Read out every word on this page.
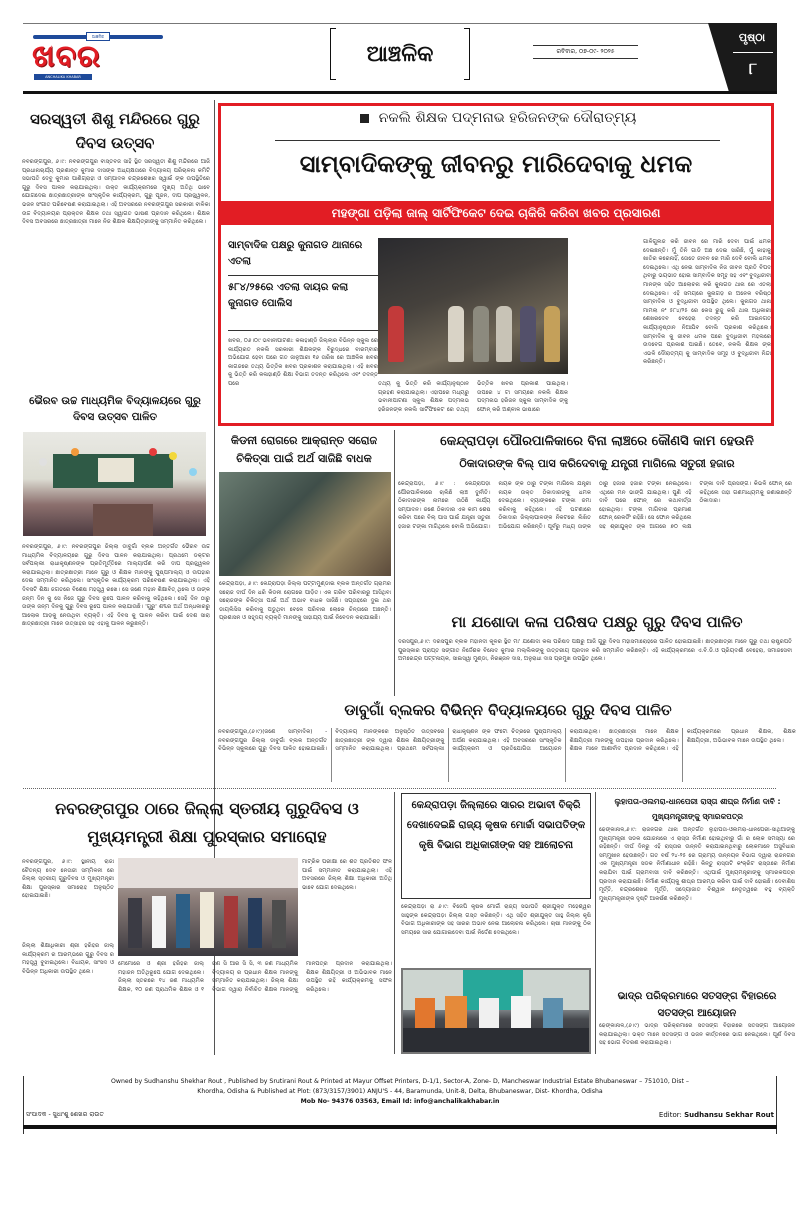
ଆଞ୍ଚଳିକ
ଖବର
ANCHALIKA KHABAR
ଆଞ୍ଚଳିକ	ରବିବାର, ୦୭-୦୯- ୨୦୨୫
ପୃଷ୍ଠା
୮
ସରସ୍ୱତୀ ଶିଶୁ ମନ୍ଦିରରେ ଗୁରୁ ଦିବସ ଉତ୍ସବ
ନବରଙ୍ଗପୁର, ୬।୯: ନବରଙ୍ଗପୁର ବାସ୍ତବଜ ସାହି ସ୍ଥିତ ସରସ୍ୱତୀ ଶିଶୁ ମନ୍ଦିରରେ ଆଜି ପ୍ରଧାନାଚାର୍ଯ୍ୟ ପ୍ରଶାନ୍ତ କୁମାର ଦାସଙ୍କ ଅଧ୍ୟକ୍ଷତାରେ ବିଦ୍ୟାଳୟ ପରିଚାଳନା କମିଟି ସଭାପତି ଦେବୁ କୁମାର ପାଣିଗ୍ରାହୀ ଓ ସମ୍ପାଦକ ଚନ୍ଦ୍ରଶେଖର ସ୍ୱାଇଁ ଙ୍କ ଉପସ୍ଥିତିରେ ଗୁରୁ ଦିବସ ପାଳନ କରାଯାଇଥିଲା। ଉକ୍ତ କାର୍ଯ୍ୟକ୍ରମରେ ମୁଖ୍ୟ ଅତିଥି ଭାବେ ଯୋଗଦେଇ ଛାତ୍ରଛାତ୍ରୀଙ୍କ ସାଂସ୍କୃତିକ କାର୍ଯ୍ୟକ୍ରମ, ଗୁରୁ ପୂଜନ, ଦୀପ ପ୍ରଜ୍ଜ୍ୱଳନ, ଭଜନ ସଂଗୀତ ପରିବେଷଣ କରାଯାଇଥିଲା। ଏହି ଅବସରରେ ନବରଙ୍ଗପୁର ସରକାରୀ ବାଳିକା ଉଚ୍ଚ ବିଦ୍ୟାଳୟର ପ୍ରାକ୍ତନ ଶିକ୍ଷକ ତଥା ସ୍ୱାଗତ ଭାଷଣ ପ୍ରଦାନ କରିଥିଲେ। ଶିକ୍ଷକ ଦିବସ ଅବସରରେ ଛାତ୍ରଛାତ୍ରୀ ମାନେ ନିଜ ଶିକ୍ଷକ ଶିକ୍ଷୟିତ୍ରୀଙ୍କୁ ସମ୍ମାନିତ କରିଥିଲେ।
ଭୈରବ ଉଚ୍ଚ ମାଧ୍ୟମିକ ବିଦ୍ୟାଳୟରେ ଗୁରୁ ଦିବସ ଉତ୍ସବ ପାଳିତ
ନବରଙ୍ଗପୁର, ୬।୯: ନବରଙ୍ଗପୁର ଜିଲ୍ଲା ଡାବୁଗାଁ ବ୍ଲକ ଅନ୍ତର୍ଗତ ଭୈରବ ଉଚ୍ଚ ମାଧ୍ୟମିକ ବିଦ୍ୟାଳୟରେ ଗୁରୁ ଦିବସ ପାଳନ କରାଯାଇଥିଲା। ପ୍ରଥମେ ଡକ୍ଟର ସର୍ବପଲ୍ଲୀ ରାଧାକୃଷ୍ଣନଙ୍କ ପ୍ରତିମୂର୍ତ୍ତିରେ ମାଲ୍ୟାର୍ପଣ କରି ଦୀପ ପ୍ରଜ୍ଜ୍ୱଳନ କରାଯାଇଥିଲା। ଛାତ୍ରଛାତ୍ରୀ ମାନେ ଗୁରୁ ଓ ଶିକ୍ଷକ ମାନଙ୍କୁ ପୁଷ୍ପମାଲ୍ୟ ଓ ଉପହାର ଦେଇ ସମ୍ମାନିତ କରିଥିଲେ। ସାଂସ୍କୃତିକ କାର୍ଯ୍ୟକ୍ରମ ପରିବେଷଣ କରାଯାଇଥିଲା। ଏହି ଦିବସଟି ଶିକ୍ଷା ଜଗତରେ ବିଶେଷ ମହତ୍ତ୍ୱ ରଖେ। ସେ ଜଣେ ମହାନ ଶିକ୍ଷାବିତ୍ ଥିଲେ ଓ ତାଙ୍କ ଜନ୍ମ ଦିନ କୁ ସେ ନିଜେ ଗୁରୁ ଦିବସ ରୂପେ ପାଳନ କରିବାକୁ କହିଥିଲେ। ସେହି ଦିନ ଠାରୁ ତାଙ୍କ ଜନ୍ମ ଦିନକୁ ଗୁରୁ ଦିବସ ରୂପେ ପାଳନ କରାଯାଉଛି। 'ଗୁରୁ' ଶବ୍ଦର ଅର୍ଥ ଅନ୍ଧକାରରୁ ଆଲୋକ ଆଡ଼କୁ ନେଉଥିବା ବ୍ୟକ୍ତି। ଏହି ଦିବସ କୁ ପାଳନ କରିବା ପାଇଁ ଦେଶ ସାରା ଛାତ୍ରଛାତ୍ରୀ ମାନେ ଉତ୍ସାହର ସହ ଏହାକୁ ପାଳନ କରୁଛନ୍ତି।
ନକଲି ଶିକ୍ଷକ ପଦ୍ମନାଭ ହରିଜନଙ୍କ ଦୌରାତ୍ମ୍ୟ
ସାମ୍ବାଦିକଙ୍କୁ ଜୀବନରୁ ମାରିଦେବାକୁ ଧମକ
ମହଙ୍ଗା ପଡ଼ିଲା ଜାଲ୍ ସାର୍ଟିଫିକେଟ ଦେଇ ଚାକିରି କରିବା ଖବର ପ୍ରସାରଣ
ସାମ୍ବାଦିକ ପକ୍ଷରୁ କୁନାଗଡ ଥାନାରେ ଏତଲା
୫୮୪/୨୫ରେ ଏତଲା ଦାୟର କଲା କୁନାଗଡ ପୋଲିସ
ଖବର, ୦୬।୦୯ ଭବାନୀପାଟଣା: କଳାହାଣ୍ଡି ଜିଲ୍ଲାର ବିଭିନ୍ନ ସ୍କୁଲ ରେ କାର୍ଯ୍ୟରତ ନକଲି ସରକାରୀ ଶିକ୍ଷକଙ୍କ ବିରୁଦ୍ଧରେ ବାରମ୍ବାର ଅଭିଯୋଗ ହେବା ପରେ ଗତ ଜାନୁଆରୀ ୧୬ ତାରିଖ ରେ ଆଞ୍ଚଳିକ ଖବର କାଗଜରେ ତଥ୍ୟ ଭିତ୍ତିକ ଖବର ପ୍ରକାଶନ କରାଯାଇଥିଲା। ଏହି ଖବର କୁ ଭିତ୍ତି କରି କଳାହାଣ୍ଡି ଶିକ୍ଷା ବିଭାଗ ତଦନ୍ତ କରିଥିଲେ ଏବଂ ତଦନ୍ତ ପରେ	ତଥ୍ୟ କୁ ଭିତ୍ତି କରି କାର୍ଯ୍ୟାନୁଷ୍ଠାନ ଗ୍ରହଣ କରାଯାଇଥିଲା। ଏହାପରେ ମଧ୍ୟରୁ ଭବାନୀପାଟଣା ସ୍କୁଲ ଶିକ୍ଷକ ପଦ୍ମନାଭ ହରିଜନଙ୍କ ନକଲି ସାର୍ଟିଫିକେଟ ରେ ତଥ୍ୟ ଭିତ୍ତିକ ଖବର ପ୍ରକାଶ ପାଇଥିଲା। ତାପରେ ୪ ଟା ସମୟରେ ନକଲି ଶିକ୍ଷକ ପଦ୍ମନାଭ ହରିଜନ ସ୍କୁଲ ସାମ୍ବାଦିକ ଙ୍କୁ ଫୋନ୍ କରି ଅଶ୍ଳୀଳ ଭାଷାରେ
ଗାଳିଗୁଲଜ କରି ଜୀବନ ରେ ମାରି ଦେବା ପାଇଁ ଧମକ ଦେଇଛନ୍ତି। ମୁଁ ତିନି ଗାଡି ଅଛ ଦେଇ ସାରିଛି, ମୁଁ କାହାକୁ ଖାତିର କରେନାହିଁ, ତୋତେ ଜୀବନ ରେ ମାରି ଦେବି ବୋଲି ଧମକ ଦେଇଥିଲେ। ଏଥି ନେଇ ସାମ୍ବାଦିକ ନିଜ ଜୀବନ ପ୍ରତି ବିପଦ ଥିବାରୁ ଭୟଭୀତ ହୋଇ ସାମ୍ବାଦିକ ସମୂହ ସହ ଏବଂ ବୁଦ୍ଧିଜୀବୀ ମାନଙ୍କ ସହିତ ଆଲୋଚନା କରି କୁନାଗଡ ଥାନା ରେ ଏତଲା ଦେଇଥିଲେ। ଏହି ସମୟରେ କୁନାଗଡ଼ ର ଅନେକ ବରିଷ୍ଠ ସାମ୍ବାଦିକ ଓ ବୁଦ୍ଧିଜୀବୀ ଉପସ୍ଥିତ ଥିଲେ। କୁନାଗଡ ଥାନା ମାମଲା ନଂ ୫୮୪/୨୫ ରେ କେସ ରୁଜୁ କରି ଥାନା ଅଧିକାରୀ ଶେଖରଦେବ ବେହେରା ତଦନ୍ତ କରି ଆଇନଗତ କାର୍ଯ୍ୟାନୁଷ୍ଠାନ ନିଆଯିବ ବୋଲି ପ୍ରକାଶ କରିଥିଲେ। ସାମ୍ବାଦିକ କୁ ଜୀବନ ଧମକ ପରେ ବୁଦ୍ଧିଜୀବୀ ମହଲରେ ଉଦବେଗ ପ୍ରକାଶ ପାଇଛି। ତେବେ, ନକଲି ଶିକ୍ଷକ ଙ୍କ ଏଭଳି ଦୌରାତ୍ମ୍ୟ କୁ ସାମ୍ବାଦିକ ସମୂହ ଓ ବୁଦ୍ଧିଜୀବୀ ନିନ୍ଦା କରିଛନ୍ତି।
କିଡନୀ ରୋଗରେ ଆକ୍ରାନ୍ତ ସରୋଜ ଚିକିତ୍ସା ପାଇଁ ଅର୍ଥ ସାଜିଛି ବାଧକ
କେନ୍ଦ୍ରାପଡ଼ା, ୬।୯: କେନ୍ଦ୍ରାପଡ଼ା ଜିଲ୍ଲା ପଟ୍ଟାମୁଣ୍ଡାଇ ବ୍ଲକ ଅନ୍ତର୍ଗତ ଗ୍ରାମର ସରୋଜ ଦୀର୍ଘ ଦିନ ଧରି କିଡନୀ ରୋଗରେ ପୀଡ଼ିତ। ଏକ ଗରିବ ପରିବାରରୁ ଆସିଥିବା ସରୋଜଙ୍କ ଚିକିତ୍ସା ପାଇଁ ଅର୍ଥ ଅଭାବ ବାଧକ ସାଜିଛି। ସପ୍ତାହରେ ଦୁଇ ଥର ଡାୟଲିସିସ କରିବାକୁ ପଡୁଥିବା ବେଳେ ପରିବାର ଲୋକେ ଚିନ୍ତାରେ ଅଛନ୍ତି। ପ୍ରଶାସନ ଓ ସହୃଦୟ ବ୍ୟକ୍ତି ମାନଙ୍କୁ ସାହାଯ୍ୟ ପାଇଁ ନିବେଦନ କରାଯାଇଛି।
କେନ୍ଦ୍ରାପଡ଼ା ପୌରପାଳିକାରେ ବିନା ଲାଞ୍ଚରେ କୌଣସି କାମ ହେଉନି
ଠିକାଦାରଙ୍କ ବିଲ୍ ପାସ କରିଦେବାକୁ ଯନ୍ତ୍ରୀ ମାଗିଲେ ସତୁରୀ ହଜାର
କେନ୍ଦ୍ରାପଡ଼ା, ୬।୯ : କେନ୍ଦ୍ରାପଡ଼ା ପୌରପାଳିକାରେ ଚାଲିଛି ଲାଞ୍ଚ ଦୁର୍ନୀତି। ଠିକାଦାରଙ୍କ ନାମରେ ଉଠିଛି କାର୍ଯ୍ୟ ସମ୍ପାଦନ। ଜଣେ ଠିକାଦାର ଏକ କାମ ଶେଷ କରିବା ପରେ ବିଲ୍ ପାସ ପାଇଁ ଯନ୍ତ୍ରୀ ସତୁରୀ ହଜାର ଟଙ୍କା ମାଗିଥିଲେ ବୋଲି ଅଭିଯୋଗ। ନାୟକ ଙ୍କ ଠାରୁ ଟଙ୍କା ମାଗିଲେ ଯନ୍ତ୍ରୀ ନାୟକ ଉକ୍ତ ଠିକାଦାରଙ୍କୁ ଧମକ ଦେଇଥିଲେ। ବ୍ୟାଙ୍କରେ ଟଙ୍କା ଜମା କରିବାକୁ କହିଥିଲେ। ଏହି ଘଟଣାରେ ଠିକାଦାର ଜିଲ୍ଲାପାଳଙ୍କ ନିକଟରେ ଲିଖିତ ଅଭିଯୋଗ କରିଛନ୍ତି। ପୂର୍ବରୁ ମଧ୍ୟ ତାଙ୍କ ଠାରୁ ହଜାର ହଜାର ଟଙ୍କା ନେଇଥିଲେ। ଏଥିରେ ମନ ଭାଙ୍ଗି ଯାଇଥିଲା। ପୁଣି ଏହି ଦାବି ପରେ ଫୋନ୍ ରେ କଥାବାର୍ତ୍ତା ହୋଇଥିଲା। ଟଙ୍କା ମାଗିବାର ପ୍ରମାଣ ଫୋନ୍ ରେକର୍ଡିଂ ରହିଛି। ସେ ଫୋନ କରିଥିଲେ ସହ ଶ୍ରୀଯୁକ୍ତ ଙ୍କ ଆଗରେ ୭୦ ଲକ୍ଷ ଟଙ୍କା ଦାବି ପ୍ରସଙ୍ଗ। କିଭଳି ଫୋନ୍ ରେ କହିଥିଲେ ତାହା ଗଣମାଧ୍ୟମକୁ ଜଣାଇଛନ୍ତି ଠିକାଦାର।
ମା ଯଶୋଦା କଳା ପରିଷଦ ପକ୍ଷରୁ ଗୁରୁ ଦିବସ ପାଳିତ
ଦରସପୁର,୬।୯: ଦରସପୁର ବ୍ଲକ ମହାନଦୀ କୂଳର ସ୍ଥିତ ମା' ଯଶୋଦା କଳା ପରିଷଦ ପକ୍ଷରୁ ଆଜି ଗୁରୁ ଦିବସ ମହାସମାରୋହରେ ପାଳିତ ହୋଇଯାଇଛି। ଛାତ୍ରଛାତ୍ରୀ ମାନେ ଗୁରୁ ତଥା ରାଷ୍ଟ୍ରପତି ପୁରସ୍କାର ପ୍ରାପ୍ତ ସଙ୍ଗୀତ ନିର୍ଦ୍ଦେଶକ ବିନୋଦ କୁମାର ମଲ୍ଲିକଙ୍କୁ ଉତ୍ତରୀୟ ପ୍ରଦାନ କରି ସମ୍ମାନିତ କରିଛନ୍ତି। ଏହି କାର୍ଯ୍ୟକ୍ରମରେ ଏ.ବି.ଡି.ଓ ପ୍ରିୟଦର୍ଶୀ ବେହେରା, ସମାଜସେବୀ ଅମରେନ୍ଦ୍ର ପଟ୍ଟନାୟକ, ସାଇସ୍ୱା ମୁଣ୍ଡା, ନିରଞ୍ଜନ ଦାସ, ଅନୁରାଧା ଦାସ ପ୍ରମୁଖ ଉପସ୍ଥିତ ଥିଲେ।
ଡାବୁଗାଁ ବ୍ଲକର ବିଭିନ୍ନ ବିଦ୍ୟାଳୟରେ ଗୁରୁ ଦିବସ ପାଳିତ
ନବରଙ୍ଗପୁର,(୬।୯)(ଜଣେ ସାମ୍ବାଦିକ) - ନବରଙ୍ଗପୁର ଜିଲ୍ଲା ଡାବୁଗାଁ ବ୍ଲକ ଅନ୍ତର୍ଗତ ବିଭିନ୍ନ ସ୍କୁଲରେ ଗୁରୁ ଦିବସ ପାଳିତ ହୋଇଯାଇଛି। ବିଦ୍ୟାଳୟ ମାନଙ୍କରେ ଅନୁଷ୍ଠିତ ଉତ୍ସବରେ ଛାତ୍ରଛାତ୍ରୀ ଙ୍କ ଦ୍ୱାରା ଶିକ୍ଷକ ଶିକ୍ଷୟିତ୍ରୀଙ୍କୁ ସମ୍ମାନିତ କରାଯାଇଥିଲା। ପ୍ରଥମେ ସର୍ବପଲ୍ଲୀ ରାଧାକୃଷ୍ଣନ ଙ୍କ ଫଟୋ ଚିତ୍ରରେ ପୁଷ୍ପମାଲ୍ୟ ଅର୍ପଣ କରାଯାଇଥିଲା। ଏହି ଅବସରରେ ସାଂସ୍କୃତିକ କାର୍ଯ୍ୟକ୍ରମ ଓ ପ୍ରତିଯୋଗିତା ଆୟୋଜନ କରାଯାଇଥିଲା। ଛାତ୍ରଛାତ୍ରୀ ମାନେ ଶିକ୍ଷକ ଶିକ୍ଷୟିତ୍ରୀ ମାନଙ୍କୁ ଉପହାର ପ୍ରଦାନ କରିଥିଲେ। ଶିକ୍ଷକ ମାନେ ଆଶୀର୍ବାଦ ପ୍ରଦାନ କରିଥିଲେ। ଏହି କାର୍ଯ୍ୟକ୍ରମରେ ପ୍ରଧାନ ଶିକ୍ଷକ, ଶିକ୍ଷକ ଶିକ୍ଷୟିତ୍ରୀ, ଅଭିଭାବକ ମାନେ ଉପସ୍ଥିତ ଥିଲେ।
ନବରଙ୍ଗପୁର ଠାରେ ଜିଲ୍ଲା ସ୍ତରୀୟ ଗୁରୁଦିବସ ଓ ମୁଖ୍ୟମନ୍ତ୍ରୀ ଶିକ୍ଷା ପୁରସ୍କାର ସମାରୋହ
ନବରଙ୍ଗପୁର, ୬।୯: ସ୍ଥାନୀୟ ରାଜା ଚୈତନ୍ୟ ଦେବ ନେତାଜୀ ସମ୍ମିଳନୀ ରେ ଜିଲ୍ଲା ସ୍ତରୀୟ ଗୁରୁଦିବସ ଓ ମୁଖ୍ୟମନ୍ତ୍ରୀ ଶିକ୍ଷା ପୁରସ୍କାର ସମାରୋହ ଅନୁଷ୍ଠିତ ହୋଇଯାଇଛି।
ମାଟ୍ରିକ ପରୀକ୍ଷା ରେ ଶତ ପ୍ରତିଶତ ଫଳ ପାଇଁ ସମ୍ମାନୀତ କରାଯାଇଥିଲା। ଏହି ଅବସରରେ ଜିଲ୍ଲା ଶିକ୍ଷା ଅଧିକାରୀ ଅତିଥି ଭାବେ ଯୋଗ ଦେଇଥିଲେ।
ଜିଲ୍ଲା ଶିକ୍ଷାଧିକାରୀ ଶ୍ରୀ ହରିହର ଜାଲ୍ କାର୍ଯ୍ୟକ୍ରମ ର ଆରମ୍ଭରେ ଗୁରୁ ଦିବସ ର ମହତ୍ତ୍ୱ ବୁଝାଇଥିଲେ। ବିଧାୟକ, ସାଂସଦ ଓ ବିଭିନ୍ନ ଅଧିକାରୀ ଉପସ୍ଥିତ ଥିଲେ।
ମେମୋରେ ଓ ଶ୍ରୀ ହରିହର ଜାଲ୍ ମହାଜନ ଅତିଥିରୂପେ ଯୋଗ ଦେଇଥିଲେ। ଜିଲ୍ଲା ସ୍ତରରେ ୧୪ ଜଣ ମାଧ୍ୟମିକ ଶିକ୍ଷକ, ୧୦ ଜଣ ପ୍ରାଥମିକ ଶିକ୍ଷକ ଓ ୧ ଜଣ ସି ଆର ସି ସି, ୩ ଜଣ ମାଧ୍ୟମିକ ବିଦ୍ୟାଳୟ ର ପ୍ରଧାନ ଶିକ୍ଷକ ମାନଙ୍କୁ ସମ୍ମାନିତ କରାଯାଇଥିଲା। ଜିଲ୍ଲା ଶିକ୍ଷା ବିଭାଗ ଦ୍ୱାରା ନିର୍ବାଚିତ ଶିକ୍ଷକ ମାନଙ୍କୁ ମାନପତ୍ର ପ୍ରଦାନ କରାଯାଇଥିଲା। ଶିକ୍ଷକ ଶିକ୍ଷୟିତ୍ରୀ ଓ ଅଭିଭାବକ ମାନେ ଉପସ୍ଥିତ ରହି କାର୍ଯ୍ୟକ୍ରମକୁ ସଫଳ କରିଥିଲେ।
କେନ୍ଦ୍ରାପଡ଼ା ଜିଲ୍ଲାରେ ସାରର ଅଭାବୀ ବିକ୍ରି ଦେଖାଦେଇଛି ରାଜ୍ୟ କୃଷକ ମୋର୍ଚ୍ଚା ସଭାପତିଙ୍କ କୃଷି ବିଭାଗ ଅଧିକାରୀଙ୍କ ସହ ଆଲୋଚନା
କେନ୍ଦ୍ରାପଡ଼ା ରା ୬।୯: ବିଜେପି କୃଷକ ମୋର୍ଚ୍ଚା ରାଜ୍ୟ ସଭାପତି ଶ୍ରୀଯୁକ୍ତ ମହେଶ୍ୱର ସାହୁଙ୍କ କେନ୍ଦ୍ରାପଡ଼ା ଜିଲ୍ଲା ଗସ୍ତ କରିଛନ୍ତି। ଏଥି ସହିତ ଶ୍ରୀଯୁକ୍ତ ସାହୁ ଜିଲ୍ଲା କୃଷି ବିଭାଗ ଅଧିକାରୀଙ୍କ ସହ ସାରର ଅଭାବ ନେଇ ଆଲୋଚନା କରିଥିଲେ। ଚାଷୀ ମାନଙ୍କୁ ଠିକ ସମୟରେ ସାର ଯୋଗାଇଦେବା ପାଇଁ ନିର୍ଦ୍ଦେଶ ଦେଇଥିଲେ।
ଲୁହାପତା-ଓଲମରା-ଧାନପେରୀ ରାସ୍ତା ଶୀଘ୍ର ନିର୍ମାଣ ଦାବି : ମୁଖ୍ୟମନ୍ତ୍ରୀଙ୍କୁ ସ୍ମାରକପତ୍ର
ଢେଙ୍କାନାଳ,୬।୯: ରାଜନଗର ଥାନା ଅନ୍ତର୍ଗତ ଲୁହାପତା-ଓଲମରା-ଧାନପେରୀ-ସାଥିଆଙ୍କୁ ମୁଖ୍ୟମନ୍ତ୍ରୀ ସଡକ ଯୋଜନାରେ ଏ ରାସ୍ତା ନିର୍ମାଣ ହୋଇଥିବାରୁ ଗାଁ ର ଲୋକ ସମସ୍ୟା ରେ ରହିଛନ୍ତି। ଦୀର୍ଘ ଦିନରୁ ଏହି ରାସ୍ତାର ଉନ୍ନତି କରାଯାଇନଥିବାରୁ ଲୋକମାନେ ଅସୁବିଧାର ସମ୍ମୁଖୀନ ହେଉଛନ୍ତି। ଗତ ବର୍ଷ ୨୪-୨୫ ରେ ଗ୍ରାମ୍ୟ ଉନ୍ନୟନ ବିଭାଗ ଦ୍ୱାରା ରାଜନଗର ଏକ ମୁଖ୍ୟମନ୍ତ୍ରୀ ସଡକ ନିର୍ମାଣାଧୀନ ରହିଛି। କିନ୍ତୁ ରାସ୍ତାଟି କଂକ୍ରିଟ ରାସ୍ତାରେ ନିର୍ମାଣ କରାଯିବା ପାଇଁ ଗ୍ରାମବାସୀ ଦାବି କରିଛନ୍ତି। ଏଥିପାଇଁ ମୁଖ୍ୟମନ୍ତ୍ରୀଙ୍କୁ ସ୍ମାରକପତ୍ର ପ୍ରଦାନ କରାଯାଇଛି। ନିର୍ମାଣ କାର୍ଯ୍ୟକୁ ଶୀଘ୍ର ଆରମ୍ଭ କରିବା ପାଇଁ ଦାବି ହୋଇଛି। ଦେବାଶିଷ ମୂର୍ତ୍ତି, ଚନ୍ଦ୍ରଶେଖର ମୂର୍ତ୍ତି, ସଦ୍ୟୋଜାତ ବିଶ୍ୱାଳ ନେତୃତ୍ୱରେ ବହୁ ବ୍ୟକ୍ତି ମୁଖ୍ୟମନ୍ତ୍ରୀଙ୍କ ଦୃଷ୍ଟି ଆକର୍ଷଣ କରିଛନ୍ତି।
ଭାଦ୍ର ପରିକ୍ରମାରେ ସତସଙ୍ଗ ବିହାରରେ ସତସଙ୍ଗ ଆୟୋଜନ
ଢେଙ୍କାନାଳ,(୬।୯) ଭାଦ୍ର ପରିକ୍ରମାରେ ସତସଙ୍ଗ ବିହାରରେ ସତସଙ୍ଗ ଆୟୋଜନ କରାଯାଇଥିଲା। ଭକ୍ତ ମାନେ ସତସଙ୍ଗ ଓ ଭଜନ କୀର୍ତ୍ତନରେ ଭାଗ ନେଇଥିଲେ। ପୂର୍ଣ ଦିବସ ସହ ଭୋଗ ବିତରଣ କରାଯାଇଥିଲା।
Owned by Sudhanshu Shekhar Rout , Published by Srutirani Rout & Printed at Mayur Offset Printers, D-1/1, Sector-A, Zone- D, Mancheswar Industrial Estate Bhubaneswar – 751010, Dist –
Khordha, Odisha & Published at Plot: (873/3157/3901) ANJU'S - 44, Baramunda, Unit-8, Delta, Bhubaneswar, Dist- Khordha, Odisha
Mob No- 94376 03563, Email Id: info@anchalikakhabar.in
ସଂପାଦକ - ସୁଧାଂଶୁ ଶେଖର ରାଉତ	Editor: Sudhansu Sekhar Rout
